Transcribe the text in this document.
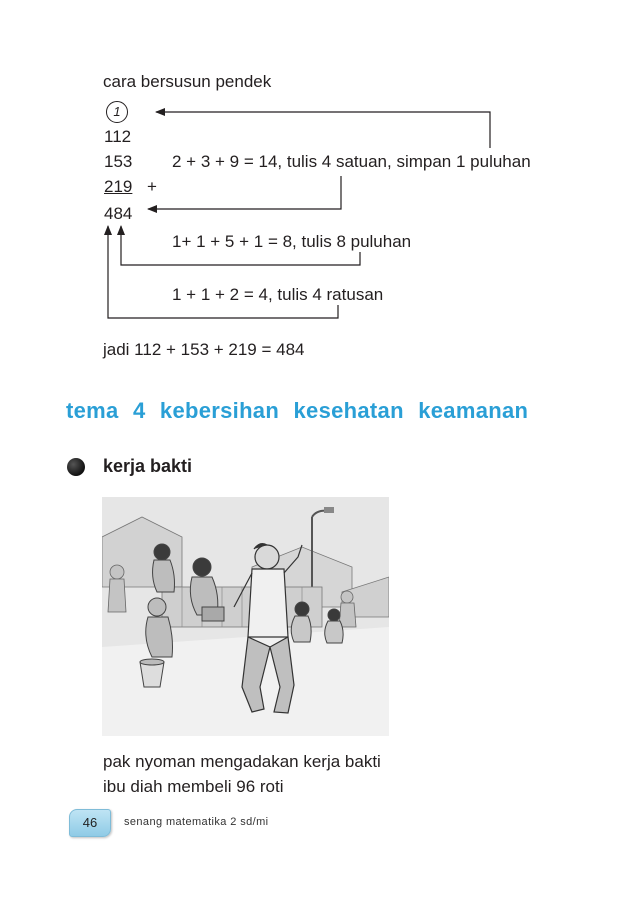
cara bersusun pendek
1
112
153
219 +
484
2 + 3 + 9 = 14, tulis 4 satuan, simpan 1 puluhan
1+ 1 + 5 + 1 = 8, tulis 8 puluhan
1 + 1 + 2 = 4, tulis 4 ratusan
jadi 112 + 153 + 219 = 484
tema 4 kebersihan kesehatan keamanan
kerja bakti
pak nyoman mengadakan kerja bakti
ibu diah membeli 96 roti
46	senang matematika 2 sd/mi
